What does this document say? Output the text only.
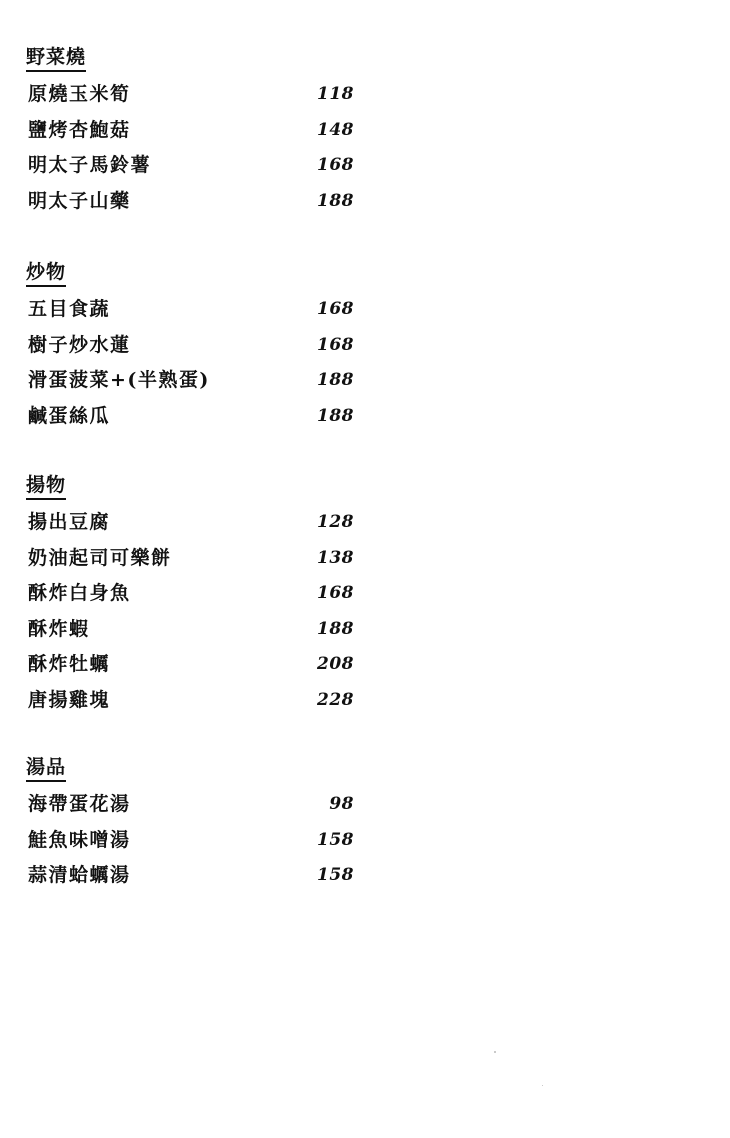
野菜燒
原燒玉米筍	118
鹽烤杏鮑菇	148
明太子馬鈴薯	168
明太子山藥	188
炒物
五目食蔬	168
樹子炒水蓮	168
滑蛋菠菜+(半熟蛋)	188
鹹蛋絲瓜	188
揚物
揚出豆腐	128
奶油起司可樂餅	138
酥炸白身魚	168
酥炸蝦	188
酥炸牡蠣	208
唐揚雞塊	228
湯品
海帶蛋花湯	98
鮭魚味噌湯	158
蒜清蛤蠣湯	158
